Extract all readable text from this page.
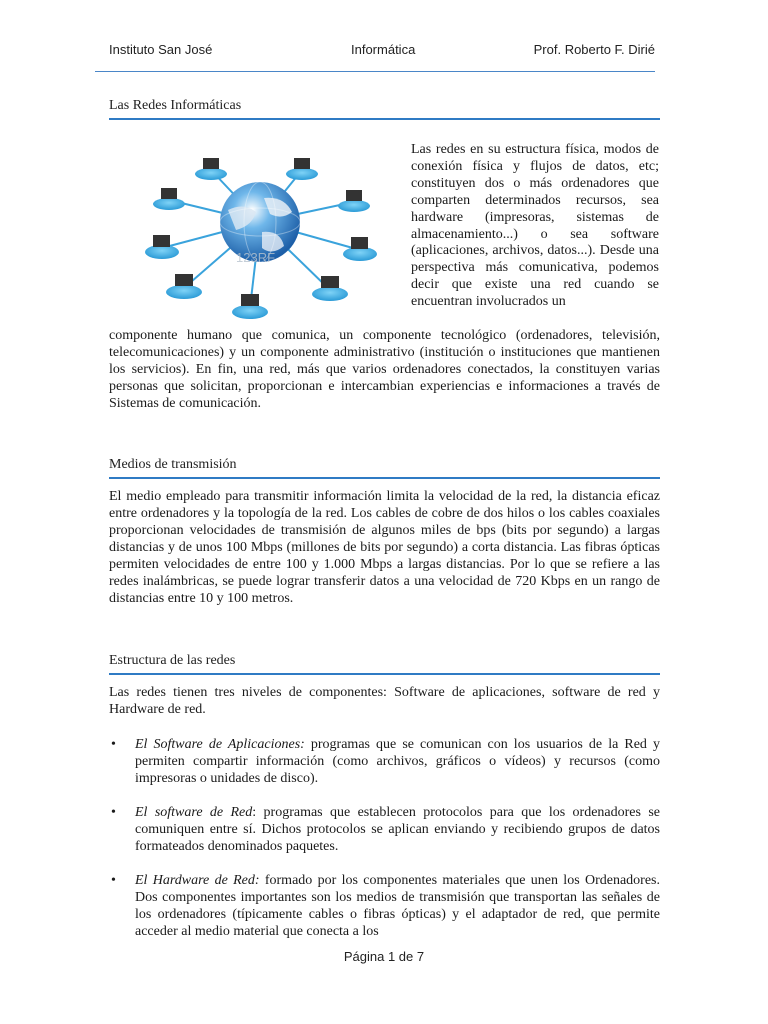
Instituto San José	Informática	Prof. Roberto F. Dirié
Las Redes Informáticas
123RF
Las redes en su estructura física, modos de conexión física y flujos de datos, etc; constituyen dos o más ordenadores que comparten determinados recursos, sea hardware (impresoras, sistemas de almacenamiento...) o sea software (aplicaciones, archivos, datos...). Desde una perspectiva más comunicativa, podemos decir que existe una red cuando se encuentran involucrados un
componente humano que comunica, un componente tecnológico (ordenadores, televisión, telecomunicaciones) y un componente administrativo (institución o instituciones que mantienen los servicios). En fin, una red, más que varios ordenadores conectados, la constituyen varias personas que solicitan, proporcionan e intercambian experiencias e informaciones a través de Sistemas de comunicación.
Medios de transmisión
El medio empleado para transmitir información limita la velocidad de la red, la distancia eficaz entre ordenadores y la topología de la red. Los cables de cobre de dos hilos o los cables coaxiales proporcionan velocidades de transmisión de algunos miles de bps (bits por segundo) a largas distancias y de unos 100 Mbps (millones de bits por segundo) a corta distancia. Las fibras ópticas permiten velocidades de entre 100 y 1.000 Mbps a largas distancias. Por lo que se refiere a las redes inalámbricas, se puede lograr transferir datos a una velocidad de 720 Kbps en un rango de distancias entre 10 y 100 metros.
Estructura de las redes
Las redes tienen tres niveles de componentes: Software de aplicaciones, software de red y Hardware de red.

• El Software de Aplicaciones: programas que se comunican con los usuarios de la Red y permiten compartir información (como archivos, gráficos o vídeos) y recursos (como impresoras o unidades de disco).

• El software de Red: programas que establecen protocolos para que los ordenadores se comuniquen entre sí. Dichos protocolos se aplican enviando y recibiendo grupos de datos formateados denominados paquetes.

• El Hardware de Red: formado por los componentes materiales que unen los Ordenadores. Dos componentes importantes son los medios de transmisión que transportan las señales de los ordenadores (típicamente cables o fibras ópticas) y el adaptador de red, que permite acceder al medio material que conecta a los

Página 1 de 7
